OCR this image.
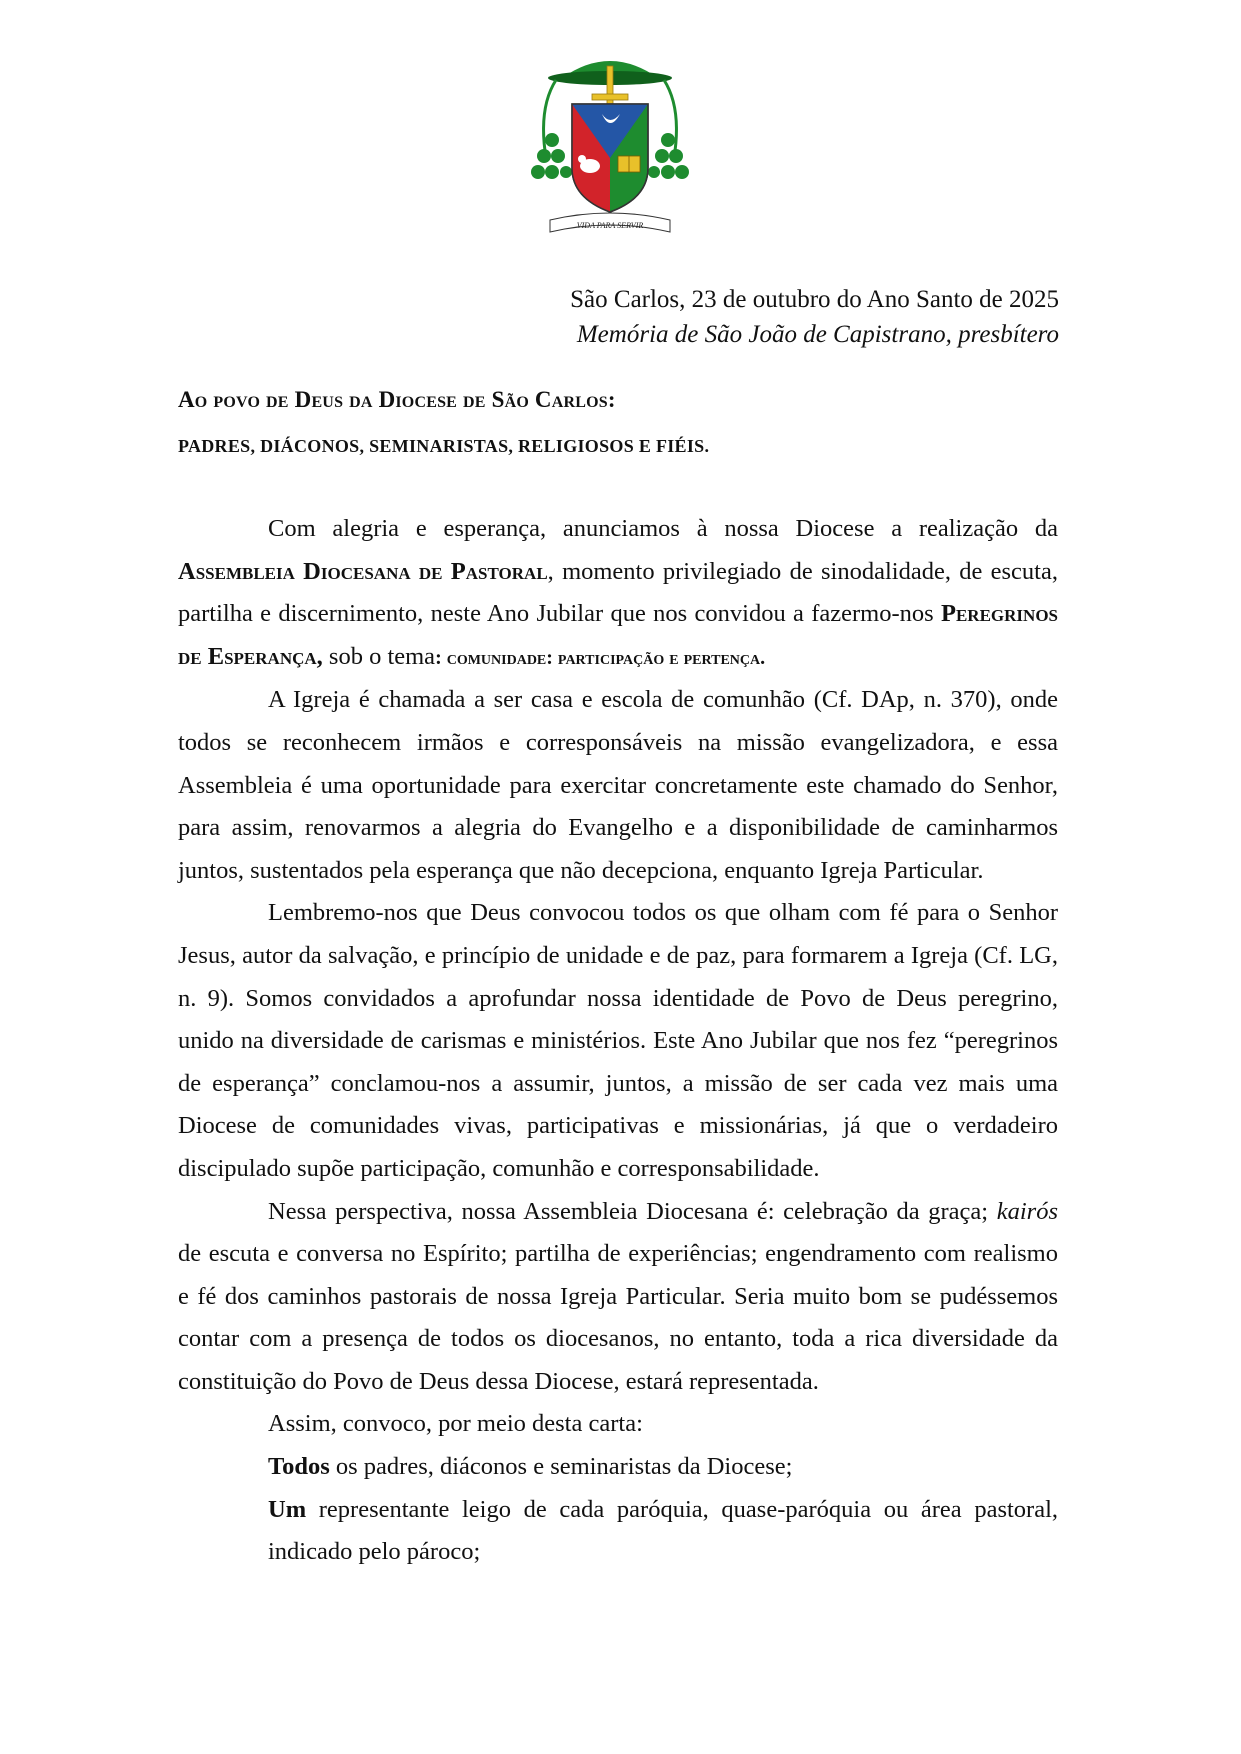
VIDA PARA SERVIR
São Carlos, 23 de outubro do Ano Santo de 2025
Memória de São João de Capistrano, presbítero
Ao povo de Deus da Diocese de São Carlos:
PADRES, DIÁCONOS, SEMINARISTAS, RELIGIOSOS E FIÉIS.

Com alegria e esperança, anunciamos à nossa Diocese a realização da Assembleia Diocesana de Pastoral, momento privilegiado de sinodalidade, de escuta, partilha e discernimento, neste Ano Jubilar que nos convidou a fazermo-nos Peregrinos de Esperança, sob o tema: comunidade: participação e pertença.

A Igreja é chamada a ser casa e escola de comunhão (Cf. DAp, n. 370), onde todos se reconhecem irmãos e corresponsáveis na missão evangelizadora, e essa Assembleia é uma oportunidade para exercitar concretamente este chamado do Senhor, para assim, renovarmos a alegria do Evangelho e a disponibilidade de caminharmos juntos, sustentados pela esperança que não decepciona, enquanto Igreja Particular.

Lembremo-nos que Deus convocou todos os que olham com fé para o Senhor Jesus, autor da salvação, e princípio de unidade e de paz, para formarem a Igreja (Cf. LG, n. 9). Somos convidados a aprofundar nossa identidade de Povo de Deus peregrino, unido na diversidade de carismas e ministérios. Este Ano Jubilar que nos fez “peregrinos de esperança” conclamou-nos a assumir, juntos, a missão de ser cada vez mais uma Diocese de comunidades vivas, participativas e missionárias, já que o verdadeiro discipulado supõe participação, comunhão e corresponsabilidade.

Nessa perspectiva, nossa Assembleia Diocesana é: celebração da graça; kairós de escuta e conversa no Espírito; partilha de experiências; engendramento com realismo e fé dos caminhos pastorais de nossa Igreja Particular. Seria muito bom se pudéssemos contar com a presença de todos os diocesanos, no entanto, toda a rica diversidade da constituição do Povo de Deus dessa Diocese, estará representada.

Assim, convoco, por meio desta carta:

Todos os padres, diáconos e seminaristas da Diocese;

Um representante leigo de cada paróquia, quase-paróquia ou área pastoral, indicado pelo pároco;
